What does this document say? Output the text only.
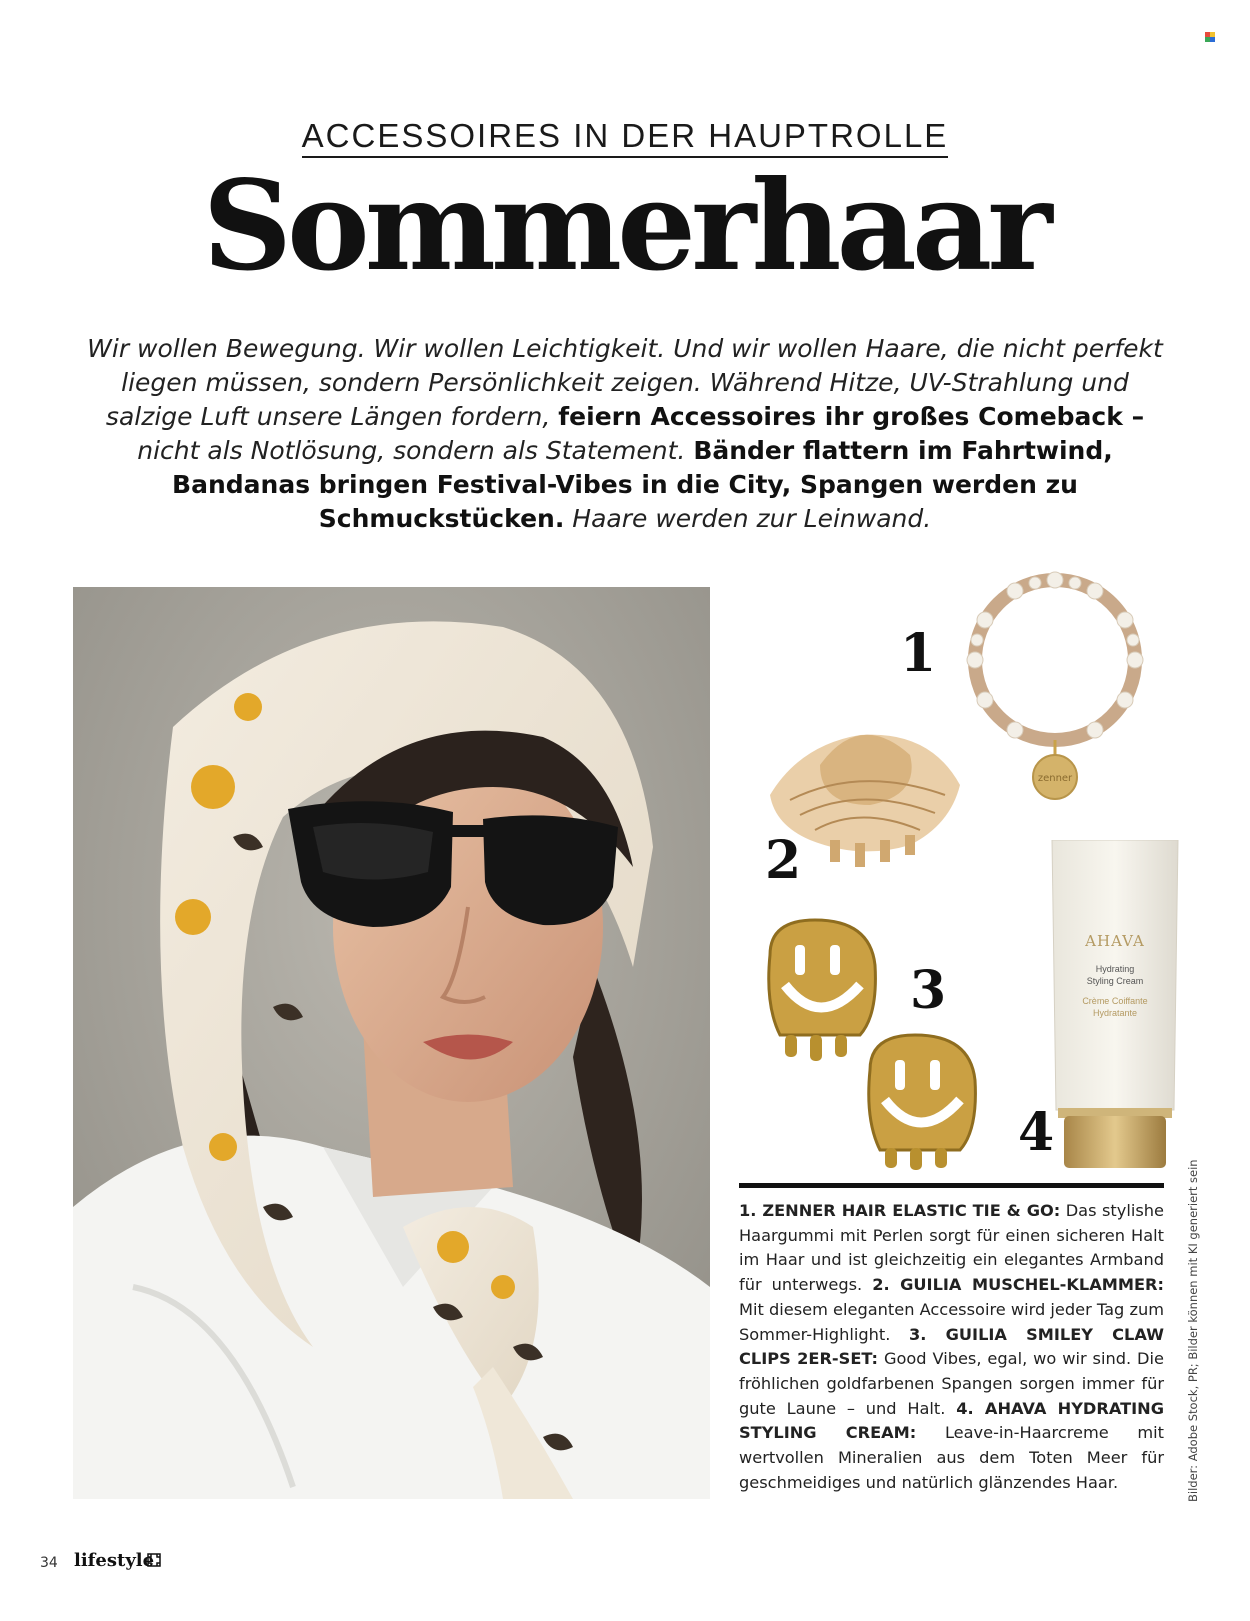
ACCESSOIRES IN DER HAUPTROLLE
Sommerhaar
Wir wollen Bewegung. Wir wollen Leichtigkeit. Und wir wollen Haare, die nicht perfekt liegen müssen, sondern Persönlichkeit zeigen. Während Hitze, UV-Strahlung und salzige Luft unsere Längen fordern, feiern Accessoires ihr großes Comeback – nicht als Notlösung, sondern als Statement. Bänder flattern im Fahrtwind, Bandanas bringen Festival-Vibes in die City, Spangen werden zu Schmuckstücken. Haare werden zur Leinwand.
zenner
1
2
3
AHAVA
Hydrating
Styling Cream
Crème Coiffante
Hydratante
4
1. ZENNER HAIR ELASTIC TIE & GO: Das stylishe Haargummi mit Perlen sorgt für einen sicheren Halt im Haar und ist gleichzeitig ein elegantes Armband für unterwegs. 2. GUILIA MUSCHEL-KLAMMER: Mit diesem eleganten Accessoire wird jeder Tag zum Sommer-Highlight. 3. GUILIA SMILEY CLAW CLIPS 2ER-SET: Good Vibes, egal, wo wir sind. Die fröhlichen goldfarbenen Spangen sorgen immer für gute Laune – und Halt. 4. AHAVA HYDRATING STYLING CREAM: Leave-in-Haarcreme mit wertvollen Mineralien aus dem Toten Meer für geschmeidiges und natürlich glänzendes Haar.	Bilder: Adobe Stock, PR; Bilder können mit KI generiert sein
34 lifestyle
